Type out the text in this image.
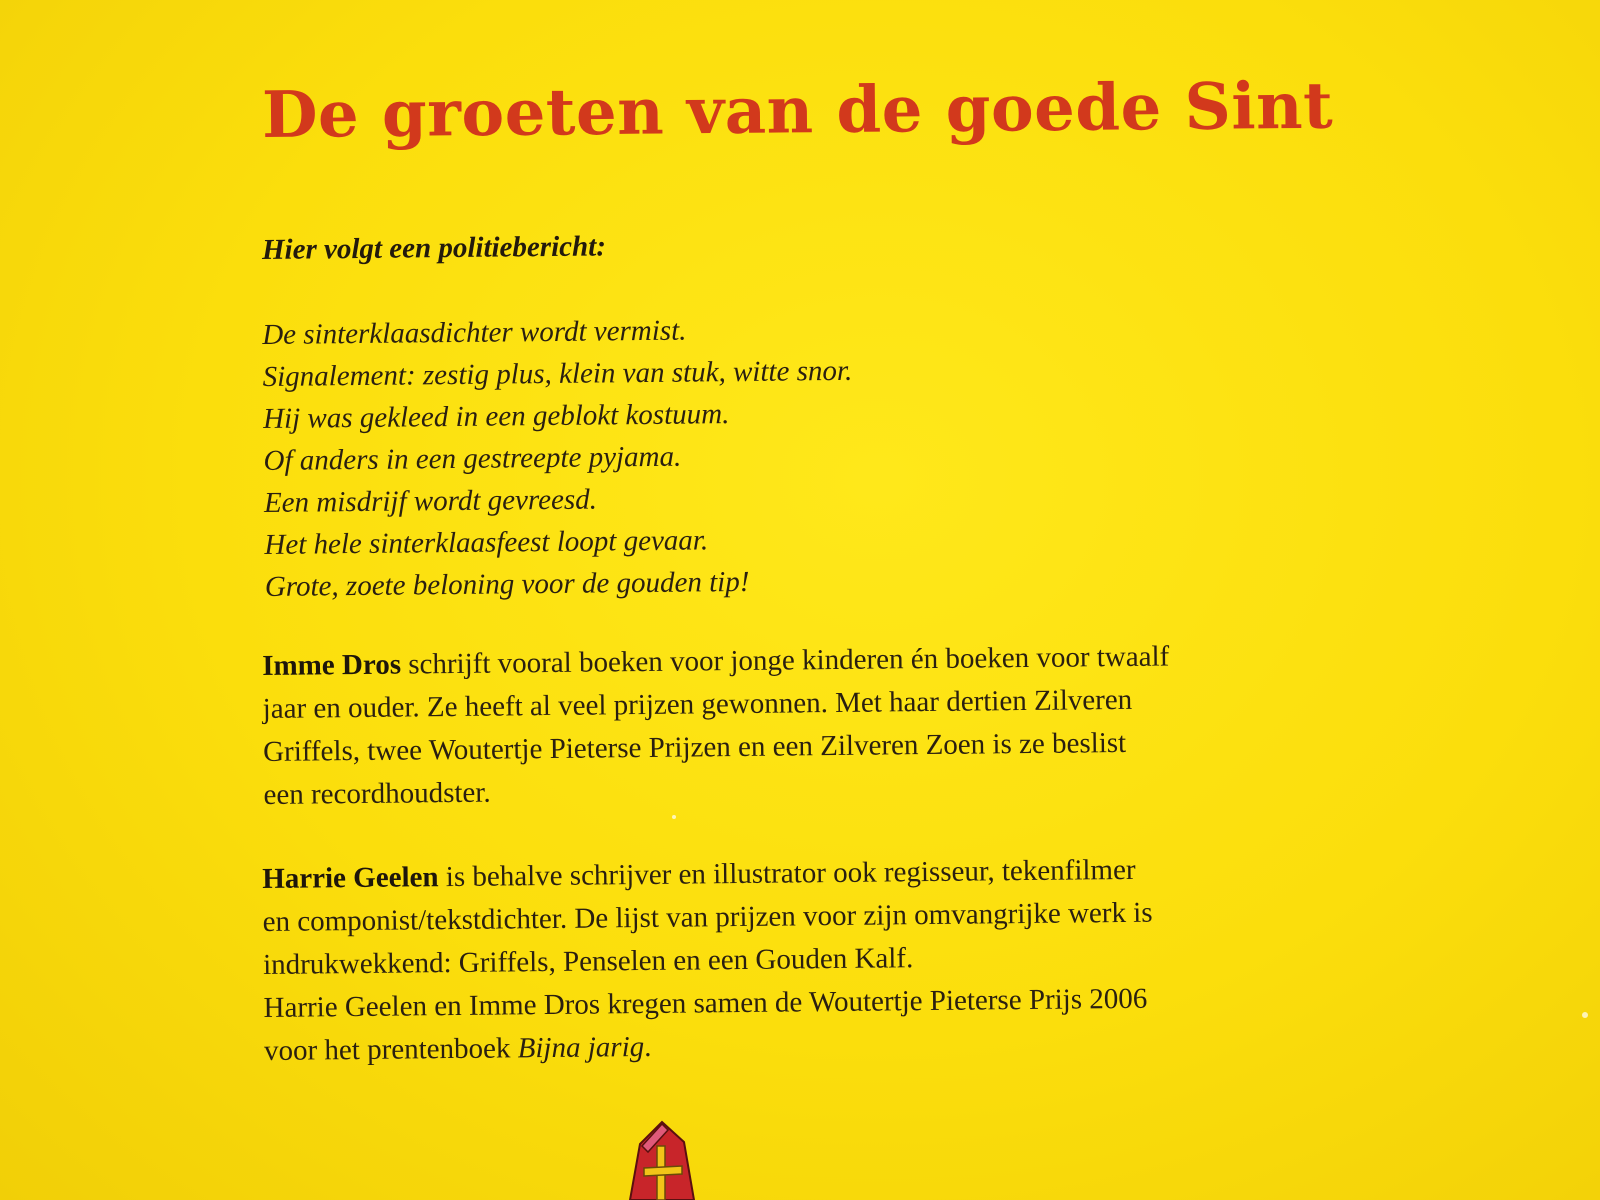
De groeten van de goede Sint

Hier volgt een politiebericht:

De sinterklaasdichter wordt vermist.
Signalement: zestig plus, klein van stuk, witte snor.
Hij was gekleed in een geblokt kostuum.
Of anders in een gestreepte pyjama.
Een misdrijf wordt gevreesd.
Het hele sinterklaasfeest loopt gevaar.
Grote, zoete beloning voor de gouden tip!
Imme Dros schrijft vooral boeken voor jonge kinderen én boeken voor twaalf
jaar en ouder. Ze heeft al veel prijzen gewonnen. Met haar dertien Zilveren
Griffels, twee Woutertje Pieterse Prijzen en een Zilveren Zoen is ze beslist
een recordhoudster.
Harrie Geelen is behalve schrijver en illustrator ook regisseur, tekenfilmer
en componist/tekstdichter. De lijst van prijzen voor zijn omvangrijke werk is
indrukwekkend: Griffels, Penselen en een Gouden Kalf.
Harrie Geelen en Imme Dros kregen samen de Woutertje Pieterse Prijs 2006
voor het prentenboek Bijna jarig.
